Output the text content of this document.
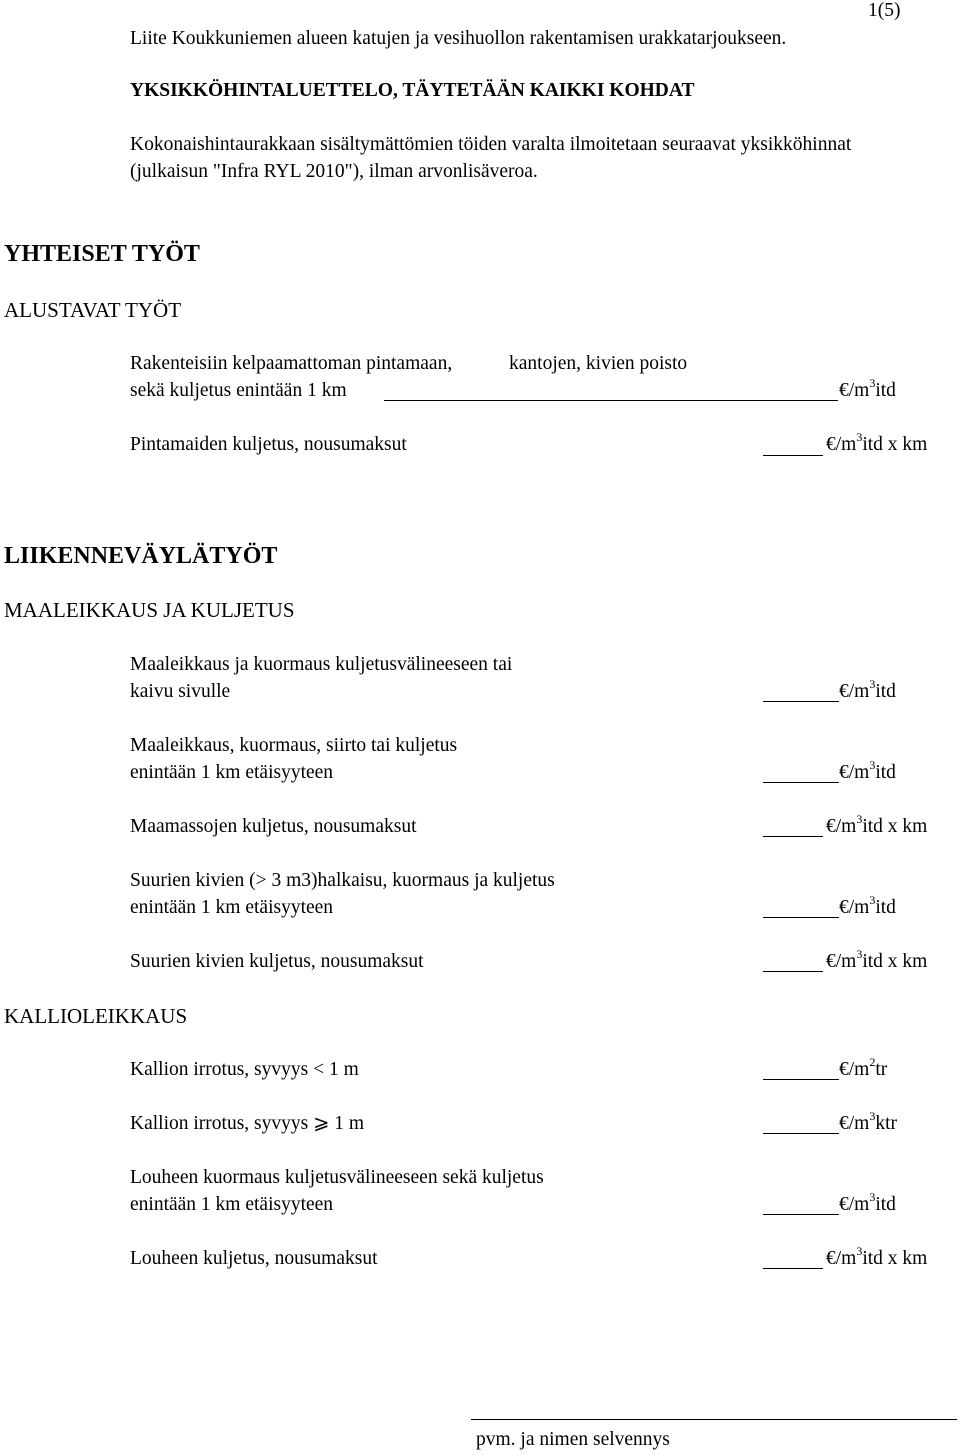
1(5)
Liite Koukkuniemen alueen katujen ja vesihuollon rakentamisen urakkatarjoukseen.
YKSIKKÖHINTALUETTELO, TÄYTETÄÄN KAIKKI KOHDAT
Kokonaishintaurakkaan sisältymättömien töiden varalta ilmoitetaan seuraavat yksikköhinnat
(julkaisun "Infra RYL 2010"), ilman arvonlisäveroa.
YHTEISET TYÖT
ALUSTAVAT TYÖT
Rakenteisiin kelpaamattoman pintamaan,	kantojen, kivien poisto
sekä kuljetus enintään 1 km	$€/m^3itd$
Pintamaiden kuljetus, nousumaksut	$€/m^3itd$ x km
LIIKENNEVÄYLÄTYÖT
MAALEIKKAUS JA KULJETUS
Maaleikkaus ja kuormaus kuljetusvälineeseen tai
kaivu sivulle	$€/m^3itd$
Maaleikkaus, kuormaus, siirto tai kuljetus
enintään 1 km etäisyyteen	$€/m^3itd$
Maamassojen kuljetus, nousumaksut	$€/m^3itd$ x km
Suurien kivien (> 3 m3)halkaisu, kuormaus ja kuljetus
enintään 1 km etäisyyteen	$€/m^3itd$
Suurien kivien kuljetus, nousumaksut	$€/m^3itd$ x km
KALLIOLEIKKAUS
Kallion irrotus, syvyys < 1 m	$€/m^2tr$
Kallion irrotus, syvyys ⩾ 1 m	$€/m^3ktr$
Louheen kuormaus kuljetusvälineeseen sekä kuljetus
enintään 1 km etäisyyteen	$€/m^3itd$
Louheen kuljetus, nousumaksut	$€/m^3itd$ x km
pvm. ja nimen selvennys
